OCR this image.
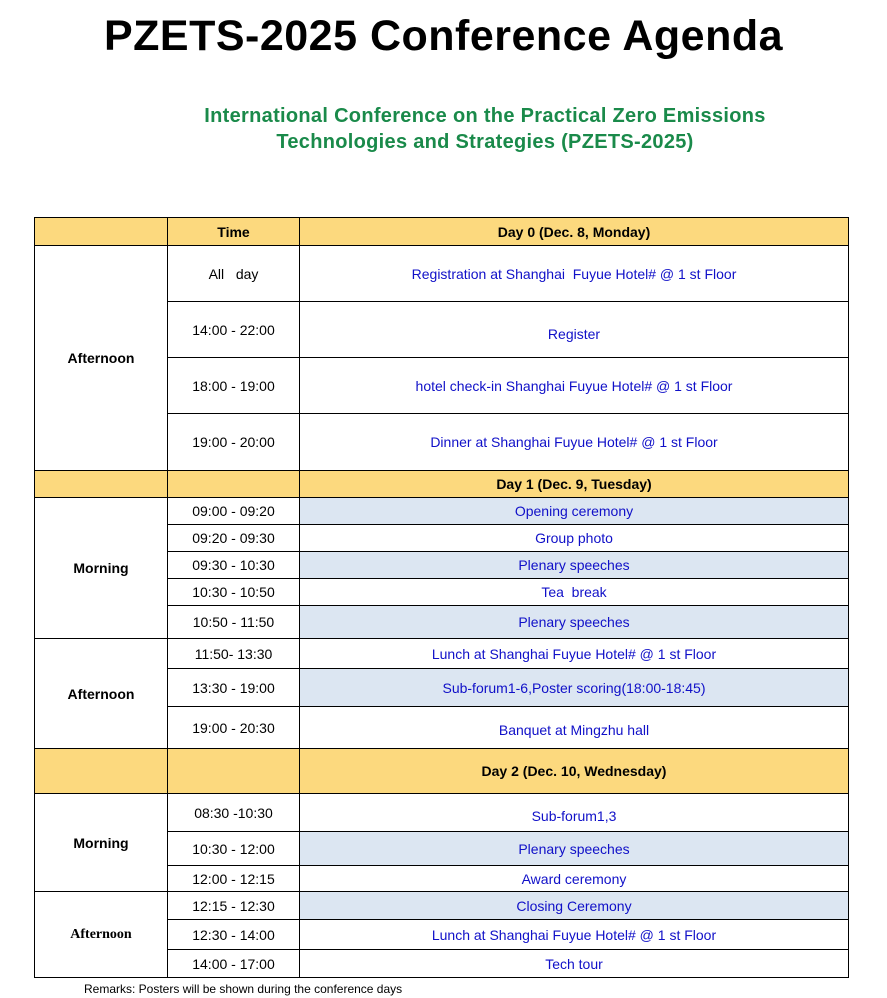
PZETS-2025 Conference Agenda
International Conference on the Practical Zero Emissions
Technologies and Strategies (PZETS-2025)
	Time	Day 0 (Dec. 8, Monday)
Afternoon	All   day	Registration at Shanghai  Fuyue Hotel# @ 1 st Floor
	14:00 - 22:00	Register
	18:00 - 19:00	hotel check-in Shanghai Fuyue Hotel# @ 1 st Floor
	19:00 - 20:00	Dinner at Shanghai Fuyue Hotel# @ 1 st Floor
		Day 1 (Dec. 9, Tuesday)
Morning	09:00 - 09:20	Opening ceremony
	09:20 - 09:30	Group photo
	09:30 - 10:30	Plenary speeches
	10:30 - 10:50	Tea  break
	10:50 - 11:50	Plenary speeches
Afternoon	11:50- 13:30	Lunch at Shanghai Fuyue Hotel# @ 1 st Floor
	13:30 - 19:00	Sub-forum1-6,Poster scoring(18:00-18:45)
	19:00 - 20:30	Banquet at Mingzhu hall
		Day 2 (Dec. 10, Wednesday)
Morning	08:30 -10:30	Sub-forum1,3
	10:30 - 12:00	Plenary speeches
	12:00 - 12:15	Award ceremony
Afternoon	12:15 - 12:30	Closing Ceremony
	12:30 - 14:00	Lunch at Shanghai Fuyue Hotel# @ 1 st Floor
	14:00 - 17:00	Tech tour
Remarks: Posters will be shown during the conference days
